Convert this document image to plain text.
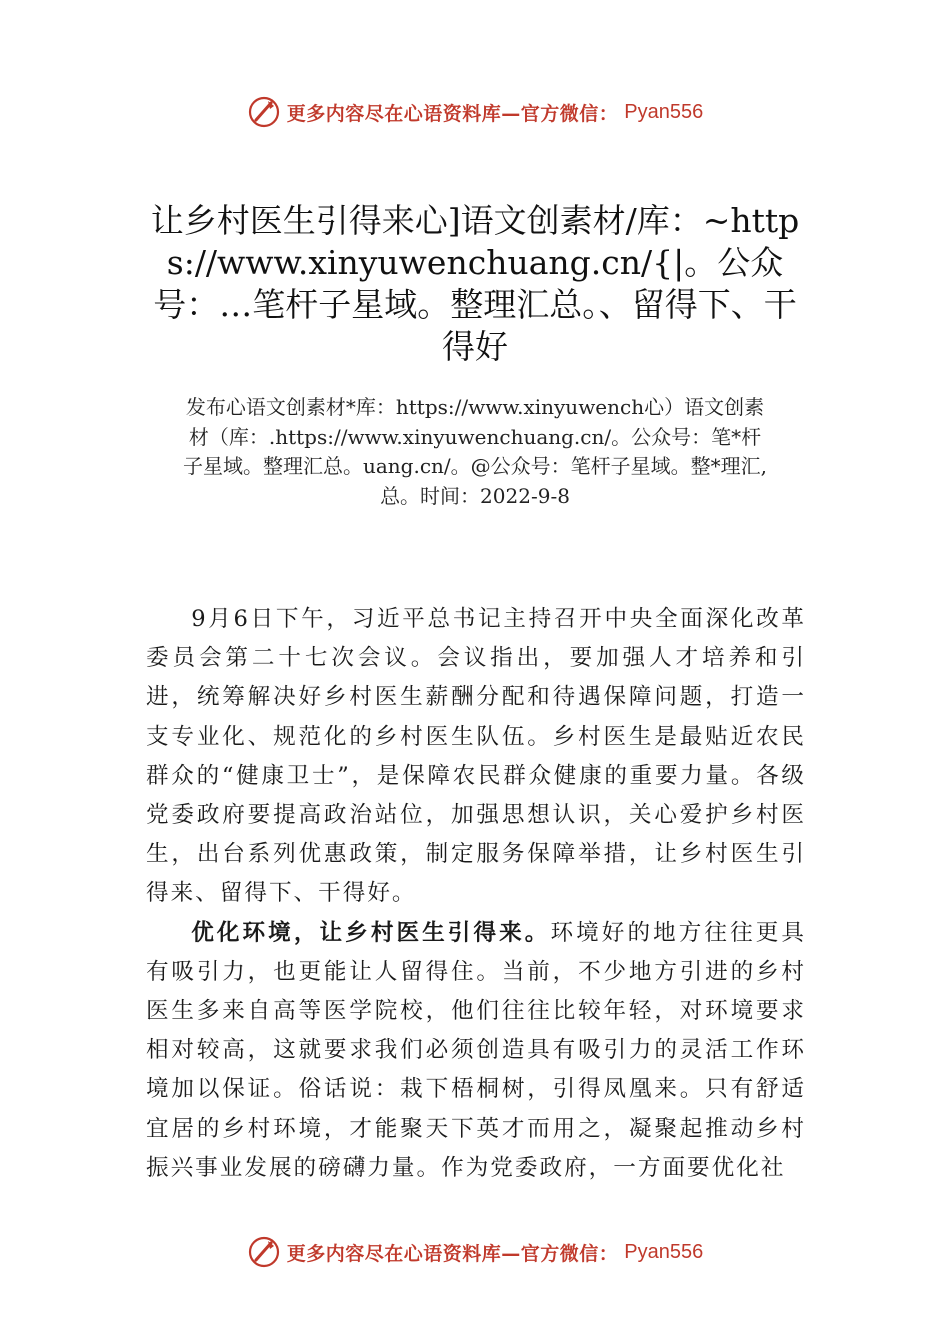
更多内容尽在心语资料库—官方微信： Pyan556
让乡村医生引得来心]语文创素材/库：~https://www.xinyuwenchuang.cn/{|。公众号：…笔杆子星域。整理汇总。、留得下、干得好
发布心语文创素材*库：https://www.xinyuwench心）语文创素材（库：.https://www.xinyuwenchuang.cn/。公众号：笔*杆子星域。整理汇总。uang.cn/。@公众号：笔杆子星域。整*理汇,总。时间：2022-9-8

9月6日下午，习近平总书记主持召开中央全面深化改革委员会第二十七次会议。会议指出，要加强人才培养和引进，统筹解决好乡村医生薪酬分配和待遇保障问题，打造一支专业化、规范化的乡村医生队伍。乡村医生是最贴近农民群众的“健康卫士”，是保障农民群众健康的重要力量。各级党委政府要提高政治站位，加强思想认识，关心爱护乡村医生，出台系列优惠政策，制定服务保障举措，让乡村医生引得来、留得下、干得好。

优化环境，让乡村医生引得来。环境好的地方往往更具有吸引力，也更能让人留得住。当前，不少地方引进的乡村医生多来自高等医学院校，他们往往比较年轻，对环境要求相对较高，这就要求我们必须创造具有吸引力的灵活工作环境加以保证。俗话说：栽下梧桐树，引得凤凰来。只有舒适宜居的乡村环境，才能聚天下英才而用之，凝聚起推动乡村振兴事业发展的磅礴力量。作为党委政府，一方面要优化社

更多内容尽在心语资料库—官方微信： Pyan556
